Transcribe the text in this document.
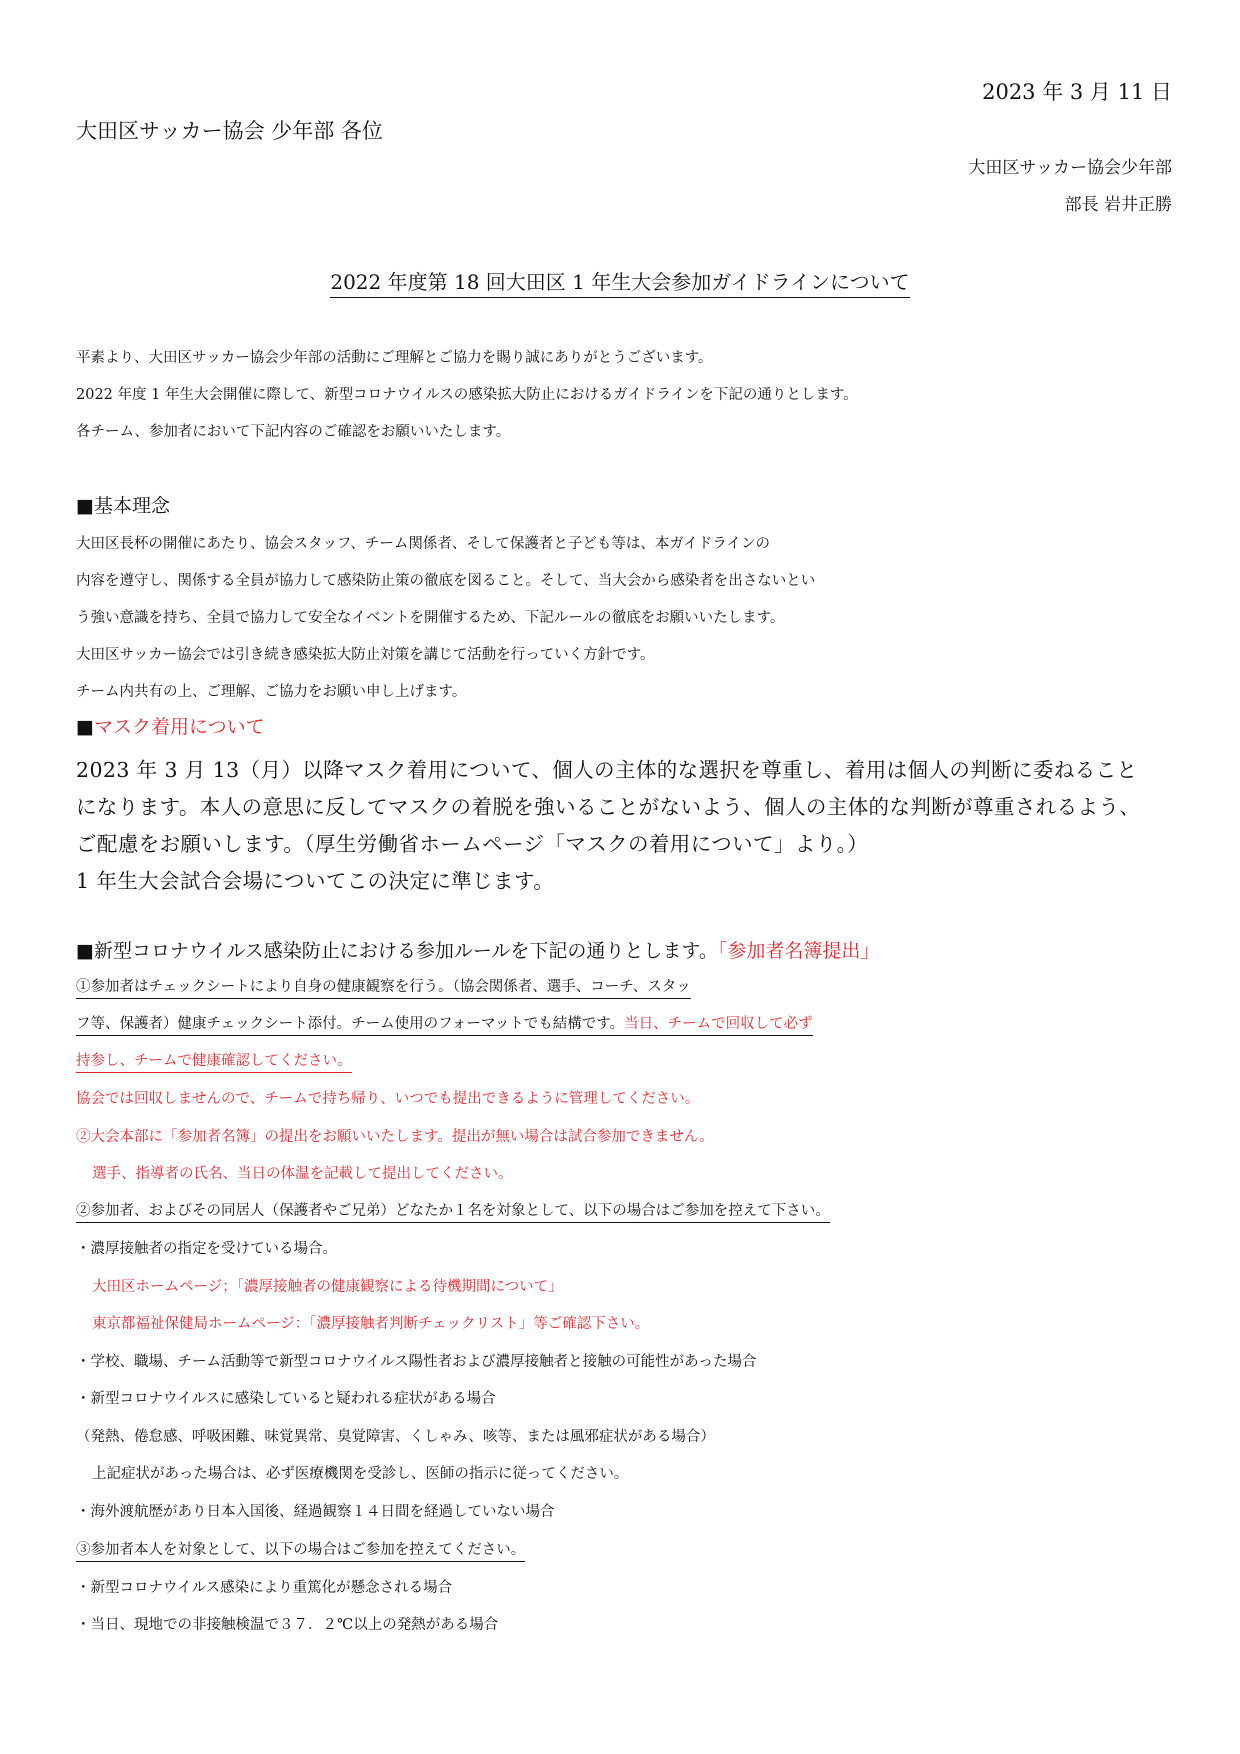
2023 年 3 月 11 日
大田区サッカー協会 少年部 各位
大田区サッカー協会少年部
部長 岩井正勝
2022 年度第 18 回大田区 1 年生大会参加ガイドラインについて
平素より、大田区サッカー協会少年部の活動にご理解とご協力を賜り誠にありがとうございます。
2022 年度 1 年生大会開催に際して、新型コロナウイルスの感染拡大防止におけるガイドラインを下記の通りとします。
各チーム、参加者において下記内容のご確認をお願いいたします。
■基本理念
大田区長杯の開催にあたり、協会スタッフ、チーム関係者、そして保護者と子ども等は、本ガイドラインの
内容を遵守し、関係する全員が協力して感染防止策の徹底を図ること。そして、当大会から感染者を出さないとい
う強い意識を持ち、全員で協力して安全なイベントを開催するため、下記ルールの徹底をお願いいたします。
大田区サッカー協会では引き続き感染拡大防止対策を講じて活動を行っていく方針です。
チーム内共有の上、ご理解、ご協力をお願い申し上げます。
■マスク着用について

2023 年 3 月 13（月）以降マスク着用について、個人の主体的な選択を尊重し、着用は個人の判断に委ねること

になります。本人の意思に反してマスクの着脱を強いることがないよう、個人の主体的な判断が尊重されるよう、

ご配慮をお願いします。（厚生労働省ホームページ「マスクの着用について」より。）

1 年生大会試合会場についてこの決定に準じます。

■新型コロナウイルス感染防止における参加ルールを下記の通りとします。「参加者名簿提出」
①参加者はチェックシートにより自身の健康観察を行う。（協会関係者、選手、コーチ、スタッ
フ等、保護者）健康チェックシート添付。チーム使用のフォーマットでも結構です。当日、チームで回収して必ず
持参し、チームで健康確認してください。
協会では回収しませんので、チームで持ち帰り、いつでも提出できるように管理してください。
②大会本部に「参加者名簿」の提出をお願いいたします。提出が無い場合は試合参加できません。
選手、指導者の氏名、当日の体温を記載して提出してください。
②参加者、およびその同居人（保護者やご兄弟）どなたか１名を対象として、以下の場合はご参加を控えて下さい。
・濃厚接触者の指定を受けている場合。
大田区ホームページ；「濃厚接触者の健康観察による待機期間について」
東京都福祉保健局ホームページ：「濃厚接触者判断チェックリスト」等ご確認下さい。
・学校、職場、チーム活動等で新型コロナウイルス陽性者および濃厚接触者と接触の可能性があった場合
・新型コロナウイルスに感染していると疑われる症状がある場合
（発熱、倦怠感、呼吸困難、味覚異常、臭覚障害、くしゃみ、咳等、または風邪症状がある場合）
上記症状があった場合は、必ず医療機関を受診し、医師の指示に従ってください。
・海外渡航歴があり日本入国後、経過観察１４日間を経過していない場合
③参加者本人を対象として、以下の場合はご参加を控えてください。
・新型コロナウイルス感染により重篤化が懸念される場合
・当日、現地での非接触検温で３７．２℃以上の発熱がある場合
